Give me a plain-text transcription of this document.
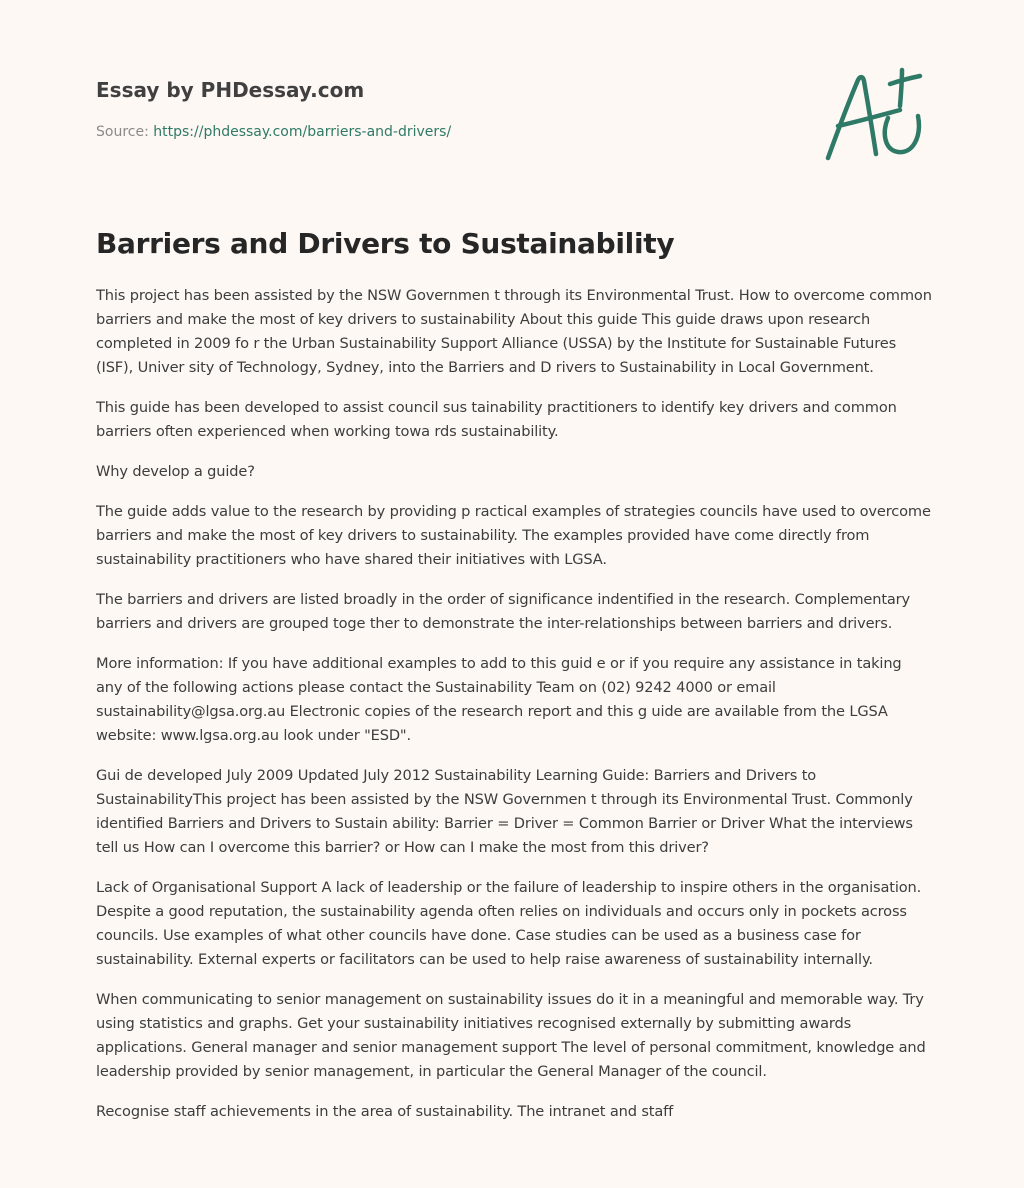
Essay by PHDessay.com
Source: https://phdessay.com/barriers-and-drivers/
Barriers and Drivers to Sustainability

This project has been assisted by the NSW Governmen t through its Environmental Trust. How to overcome common barriers and make the most of key drivers to sustainability About this guide This guide draws upon research completed in 2009 fo r the Urban Sustainability Support Alliance (USSA) by the Institute for Sustainable Futures (ISF), Univer sity of Technology, Sydney, into the Barriers and D rivers to Sustainability in Local Government.

This guide has been developed to assist council sus tainability practitioners to identify key drivers and common barriers often experienced when working towa rds sustainability.

Why develop a guide?

The guide adds value to the research by providing p ractical examples of strategies councils have used to overcome barriers and make the most of key drivers to sustainability. The examples provided have come directly from sustainability practitioners who have shared their initiatives with LGSA.

The barriers and drivers are listed broadly in the order of significance indentified in the research. Complementary barriers and drivers are grouped toge ther to demonstrate the inter-relationships between barriers and drivers.

More information: If you have additional examples to add to this guid e or if you require any assistance in taking any of the following actions please contact the Sustainability Team on (02) 9242 4000 or email sustainability@lgsa.org.au Electronic copies of the research report and this g uide are available from the LGSA website: www.lgsa.org.au look under "ESD".

Gui de developed July 2009 Updated July 2012 Sustainability Learning Guide: Barriers and Drivers to SustainabilityThis project has been assisted by the NSW Governmen t through its Environmental Trust. Commonly identified Barriers and Drivers to Sustain ability: Barrier = Driver = Common Barrier or Driver What the interviews tell us How can I overcome this barrier? or How can I make the most from this driver?

Lack of Organisational Support A lack of leadership or the failure of leadership to inspire others in the organisation. Despite a good reputation, the sustainability agenda often relies on individuals and occurs only in pockets across councils. Use examples of what other councils have done. Case studies can be used as a business case for sustainability. External experts or facilitators can be used to help raise awareness of sustainability internally.

When communicating to senior management on sustainability issues do it in a meaningful and memorable way. Try using statistics and graphs. Get your sustainability initiatives recognised externally by submitting awards applications. General manager and senior management support The level of personal commitment, knowledge and leadership provided by senior management, in particular the General Manager of the council.

Recognise staff achievements in the area of sustainability. The intranet and staff
